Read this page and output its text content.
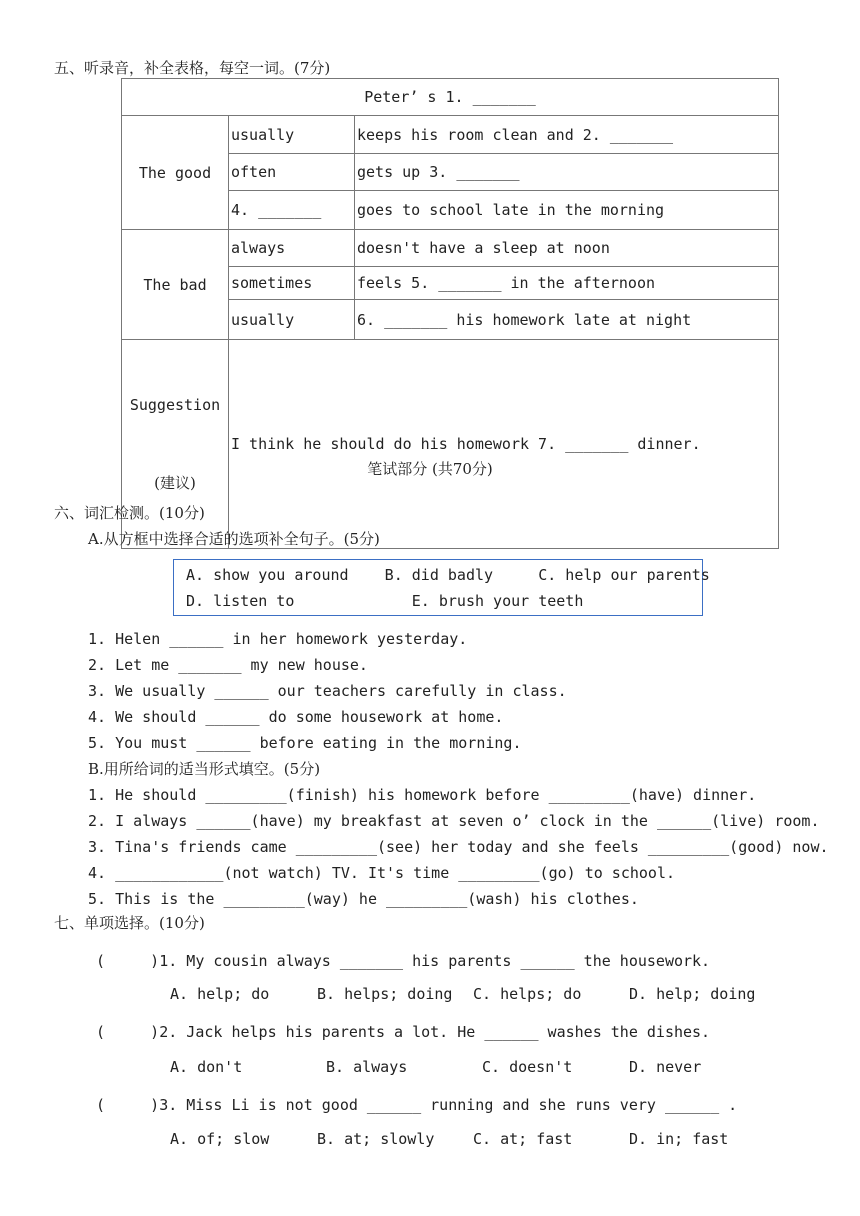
五、听录音，补全表格，每空一词。(7分)
Peter’ s 1. _______		
The good	usually	keeps his room clean and 2. _______
	often	gets up 3. _______
	4. _______	goes to school late in the morning
The bad	always	doesn't have a sleep at noon
	sometimes	feels 5. _______ in the afternoon
	usually	6. _______ his homework late at night

Suggestion

(建议)	I think he should do his homework 7. _______ dinner.	
笔试部分 (共70分)
六、词汇检测。(10分)
A.从方框中选择合适的选项补全句子。(5分)
A. show you around    B. did badly     C. help our parents
D. listen to             E. brush your teeth
1. Helen ______ in her homework yesterday.
2. Let me _______ my new house.
3. We usually ______ our teachers carefully in class.
4. We should ______ do some housework at home.
5. You must ______ before eating in the morning.
B.用所给词的适当形式填空。(5分)
1. He should _________(finish) his homework before _________(have) dinner.
2. I always ______(have) my breakfast at seven o’ clock in the ______(live) room.
3. Tina's friends came _________(see) her today and she feels _________(good) now.
4. ____________(not watch) TV. It's time _________(go) to school.
5. This is the _________(way) he _________(wash) his clothes.
七、单项选择。(10分)
(     )1. My cousin always _______ his parents ______ the housework.
A. help; do	B. helps; doing C. helps; do	D. help; doing
(     )2. Jack helps his parents a lot. He ______ washes the dishes.
A. don't	B. always	C. doesn't	D. never
(     )3. Miss Li is not good ______ running and she runs very ______ .
A. of; slow	B. at; slowly	C. at; fast	D. in; fast
